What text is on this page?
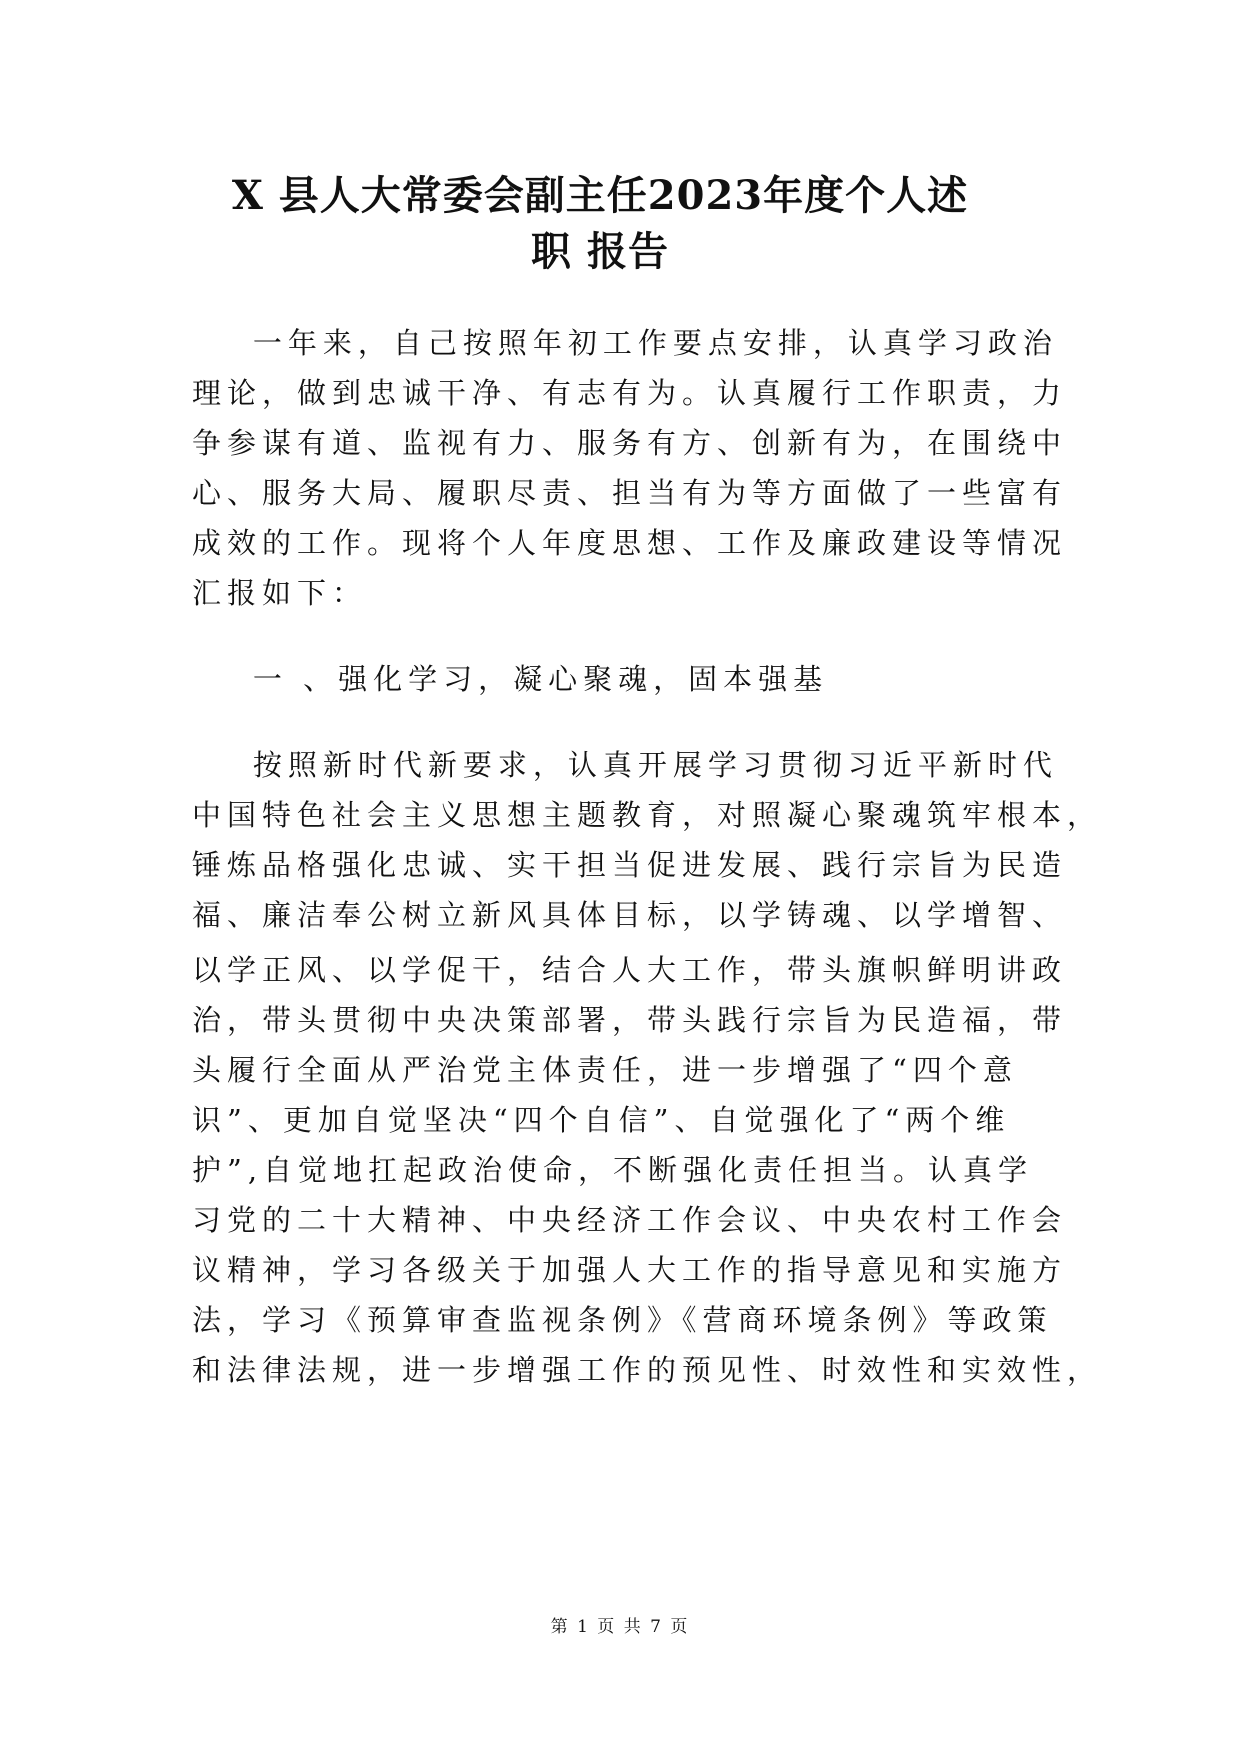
X 县人大常委会副主任2023年度个人述
职 报告
一年来，自己按照年初工作要点安排，认真学习政治
理论，做到忠诚干净、有志有为。认真履行工作职责，力
争参谋有道、监视有力、服务有方、创新有为，在围绕中
心、服务大局、履职尽责、担当有为等方面做了一些富有
成效的工作。现将个人年度思想、工作及廉政建设等情况
汇报如下：
一 、强化学习，凝心聚魂，固本强基
按照新时代新要求，认真开展学习贯彻习近平新时代
中国特色社会主义思想主题教育，对照凝心聚魂筑牢根本，
锤炼品格强化忠诚、实干担当促进发展、践行宗旨为民造
福、廉洁奉公树立新风具体目标，以学铸魂、以学增智、
以学正风、以学促干，结合人大工作，带头旗帜鲜明讲政
治，带头贯彻中央决策部署，带头践行宗旨为民造福，带
头履行全面从严治党主体责任，进一步增强了“四个意
识”、更加自觉坚决“四个自信”、自觉强化了“两个维
护”,自觉地扛起政治使命，不断强化责任担当。认真学
习党的二十大精神、中央经济工作会议、中央农村工作会
议精神，学习各级关于加强人大工作的指导意见和实施方
法，学习《预算审查监视条例》《营商环境条例》等政策
和法律法规，进一步增强工作的预见性、时效性和实效性，
第 1 页 共 7 页
